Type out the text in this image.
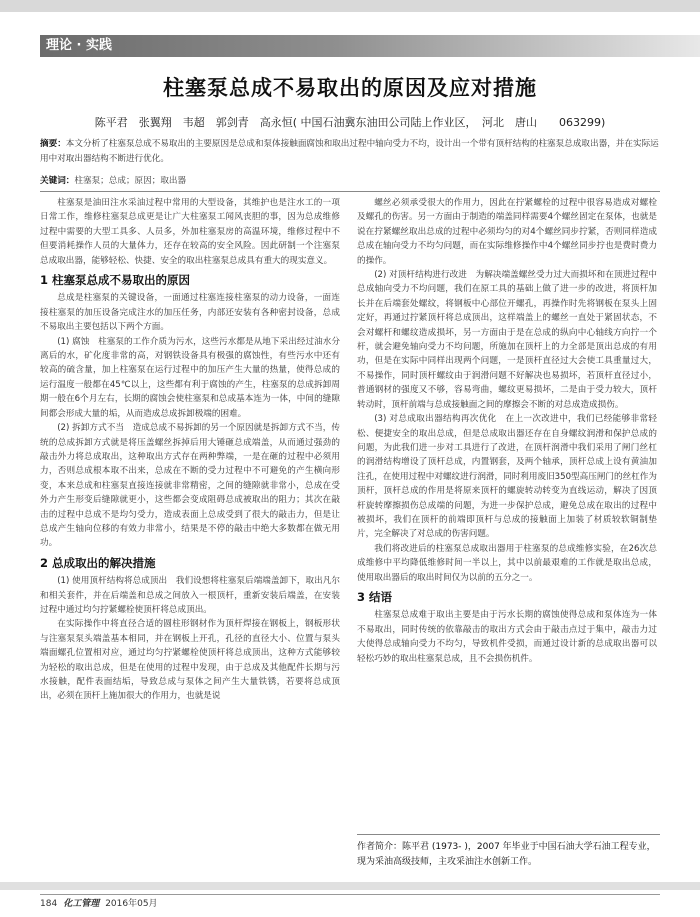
理论 · 实践
柱塞泵总成不易取出的原因及应对措施
陈平君　张翼翔　韦超　郭剑青　高永恒( 中国石油冀东油田公司陆上作业区，　河北　唐山　　063299)
摘要：本文分析了柱塞泵总成不易取出的主要原因是总成和泵体接触面腐蚀和取出过程中轴向受力不均，设计出一个带有顶杆结构的柱塞泵总成取出器，并在实际运用中对取出器结构不断进行优化。
关键词：柱塞泵；总成；原因；取出器

柱塞泵是油田注水采油过程中常用的大型设备，其维护也是注水工的一项日常工作，维修柱塞泵总成更是让广大柱塞泵工闻风丧胆的事，因为总成维修过程中需要的大型工具多、人员多，外加柱塞泵房的高温环境，维修过程中不但要消耗操作人员的大量体力，还存在较高的安全风险。因此研制一个注塞泵总成取出器，能够轻松、快捷、安全的取出柱塞泵总成具有重大的现实意义。

1 柱塞泵总成不易取出的原因

总成是柱塞泵的关键设备，一面通过柱塞连接柱塞泵的动力设备，一面连接柱塞泵的加压设备完成注水的加压任务，内部还安装有各种密封设备，总成不易取出主要包括以下两个方面。

(1) 腐蚀　柱塞泵的工作介质为污水，这些污水都是从地下采出经过油水分离后的水，矿化度非常的高，对钢铁设备具有极强的腐蚀性，有些污水中还有较高的硫含量，加上柱塞泵在运行过程中的加压产生大量的热量，使得总成的运行温度一般都在45℃以上，这些都有利于腐蚀的产生，柱塞泵的总成拆卸周期一般在6个月左右，长期的腐蚀会使柱塞泵和总成基本连为一体，中间的缝隙间都会形成大量的垢，从而造成总成拆卸极端的困难。

(2) 拆卸方式不当　造成总成不易拆卸的另一个原因就是拆卸方式不当，传统的总成拆卸方式就是将压盖螺丝拆掉后用大锤砸总成端盖，从而通过强劲的敲击外力将总成取出，这种取出方式存在两种弊端，一是在砸的过程中必须用力，否则总成根本取不出来，总成在不断的受力过程中不可避免的产生横向形变，本来总成和柱塞泵直接连接就非常精密，之间的缝隙就非常小，总成在受外力产生形变后缝隙就更小，这些都会变成阻碍总成被取出的阻力；其次在敲击的过程中总成不是均匀受力，造成表面上总成受到了很大的敲击力，但是让总成产生轴向位移的有效力非常小，结果是不停的敲击中绝大多数都在做无用功。

2 总成取出的解决措施

(1) 使用顶杆结构将总成顶出　我们设想将柱塞泵后端端盖卸下，取出凡尔和相关套件，并在后端盖和总成之间放入一根顶杆，重新安装后端盖，在安装过程中通过均匀拧紧螺栓使顶杆将总成顶出。

在实际操作中将直径合适的圆柱形钢材作为顶杆焊接在钢板上，钢板形状与注塞泵泵头端盖基本相同，并在钢板上开孔，孔径的直径大小、位置与泵头端面螺孔位置相对应，通过均匀拧紧螺栓使顶杆将总成顶出，这种方式能够较为轻松的取出总成，但是在使用的过程中发现，由于总成及其他配件长期与污水接触，配件表面结垢，导致总成与泵体之间产生大量铁锈，若要将总成顶出，必须在顶杆上施加很大的作用力，也就是说

螺丝必须承受很大的作用力，因此在拧紧螺栓的过程中很容易造成对螺栓及螺孔的伤害。另一方面由于制造的端盖同样需要4个螺丝固定在泵体，也就是说在拧紧螺丝取出总成的过程中必须均匀的对4个螺丝同步拧紧，否则同样造成总成在轴向受力不均匀问题，而在实际维修操作中4个螺丝同步拧也是费时费力的操作。

(2) 对顶杆结构进行改进　为解决端盖螺丝受力过大而损坏和在顶进过程中总成轴向受力不均问题，我们在原工具的基础上做了进一步的改进，将顶杆加长并在后端套处螺纹，将钢板中心部位开螺孔，再操作时先将钢板在泵头上固定好，再通过拧紧顶杆将总成顶出，这样端盖上的螺丝一直处于紧固状态，不会对螺杆和螺纹造成损坏，另一方面由于是在总成的纵向中心轴线方向拧一个杆，就会避免轴向受力不均问题，所施加在顶杆上的力全部是顶出总成的有用功，但是在实际中同样出现两个问题，一是顶杆直径过大会使工具重量过大，不易操作，同时顶杆螺纹由于润滑问题不好解决也易损坏，若顶杆直径过小，普通钢材的强度又不够，容易弯曲，螺纹更易损坏，二是由于受力较大，顶杆转动时，顶杆前端与总成接触面之间的摩擦会不断的对总成造成损伤。

(3) 对总成取出器结构再次优化　在上一次改进中，我们已经能够非常轻松、便捷安全的取出总成，但是总成取出器还存在自身螺纹润滑和保护总成的问题，为此我们进一步对工具进行了改进，在顶杆润滑中我们采用了闸门丝杠的润滑结构增设了顶杆总成，内置钢套，及两个轴承，顶杆总成上设有黄油加注孔，在使用过程中对螺纹进行润滑，同时利用废旧350型高压闸门的丝杠作为顶杆，顶杆总成的作用是将原来顶杆的螺旋转动转变为直线运动，解决了因顶杆旋转摩擦损伤总成端的问题，为进一步保护总成，避免总成在取出的过程中被损坏，我们在顶杆的前端即顶杆与总成的接触面上加装了材质较软铜制垫片，完全解决了对总成的伤害问题。

我们将改进后的柱塞泵总成取出器用于柱塞泵的总成维修实验，在26次总成维修中平均降低维修时间一半以上，其中以前最艰难的工作就是取出总成，使用取出器后的取出时间仅为以前的五分之一。

3 结语

柱塞泵总成难于取出主要是由于污水长期的腐蚀使得总成和泵体连为一体不易取出，同时传统的依靠敲击的取出方式会由于敲击点过于集中，敲击力过大使得总成轴向受力不均匀，导致机件受损，而通过设计新的总成取出器可以轻松巧妙的取出柱塞泵总成，且不会损伤机件。

作者简介：陈平君 (1973- )，2007 年毕业于中国石油大学石油工程专业，现为采油高级技师，主攻采油注水创新工作。
184 化工管理 2016年05月
